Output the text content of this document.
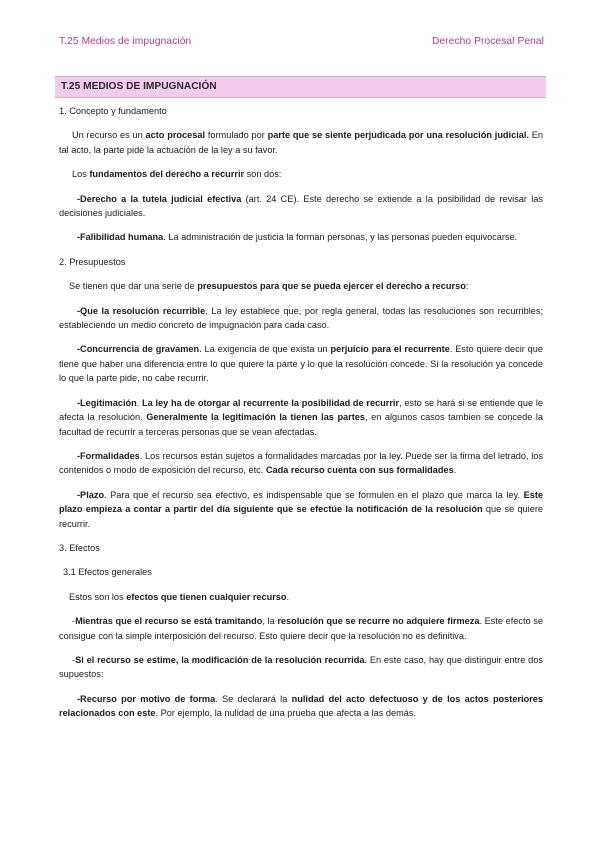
T.25 Medios de impugnación	Derecho Procesal Penal
T.25 MEDIOS DE IMPUGNACIÓN

1. Concepto y fundamento

Un recurso es un acto procesal formulado por parte que se siente perjudicada por una resolución judicial. En tal acto, la parte pide la actuación de la ley a su favor.

Los fundamentos del derecho a recurrir son dos:

-Derecho a la tutela judicial efectiva (art. 24 CE). Este derecho se extiende a la posibilidad de revisar las decisiones judiciales.

-Falibilidad humana. La administración de justicia la forman personas, y las personas pueden equivocarse.

2. Presupuestos

Se tienen que dar una serie de presupuestos para que se pueda ejercer el derecho a recurso:

-Que la resolución recurrible. La ley establece que, por regla general, todas las resoluciones son recurribles; estableciendo un medio concreto de impugnación para cada caso.

-Concurrencia de gravamen. La exigencia de que exista un perjuicio para el recurrente. Esto quiere decir que tiene que haber una diferencia entre lo que quiere la parte y lo que la resolución concede. Si la resolución ya concede lo que la parte pide, no cabe recurrir.

-Legitimación. La ley ha de otorgar al recurrente la posibilidad de recurrir, esto se hará si se entiende que le afecta la resolución. Generalmente la legitimación la tienen las partes, en algunos casos tambien se concede la facultad de recurrir a terceras personas que se vean afectadas.

-Formalidades. Los recursos están sujetos a formalidades marcadas por la ley. Puede ser la firma del letrado, los contenidos o modo de exposición del recurso, etc. Cada recurso cuenta con sus formalidades.

-Plazo. Para que el recurso sea efectivo, es indispensable que se formulen en el plazo que marca la ley. Este plazo empieza a contar a partir del día siguiente que se efectúe la notificación de la resolución que se quiere recurrir.

3. Efectos

3.1 Efectos generales

Estos son los efectos que tienen cualquier recurso.

-Mientras que el recurso se está tramitando, la resolución que se recurre no adquiere firmeza. Este efecto se consigue con la simple interposición del recurso. Esto quiere decir que la resolución no es definitiva.

-Si el recurso se estime, la modificación de la resolución recurrida. En este caso, hay que distinguir entre dos supuestos:

-Recurso por motivo de forma. Se declarará la nulidad del acto defectuoso y de los actos posteriores relacionados con este. Por ejemplo, la nulidad de una prueba que afecta a las demás.
